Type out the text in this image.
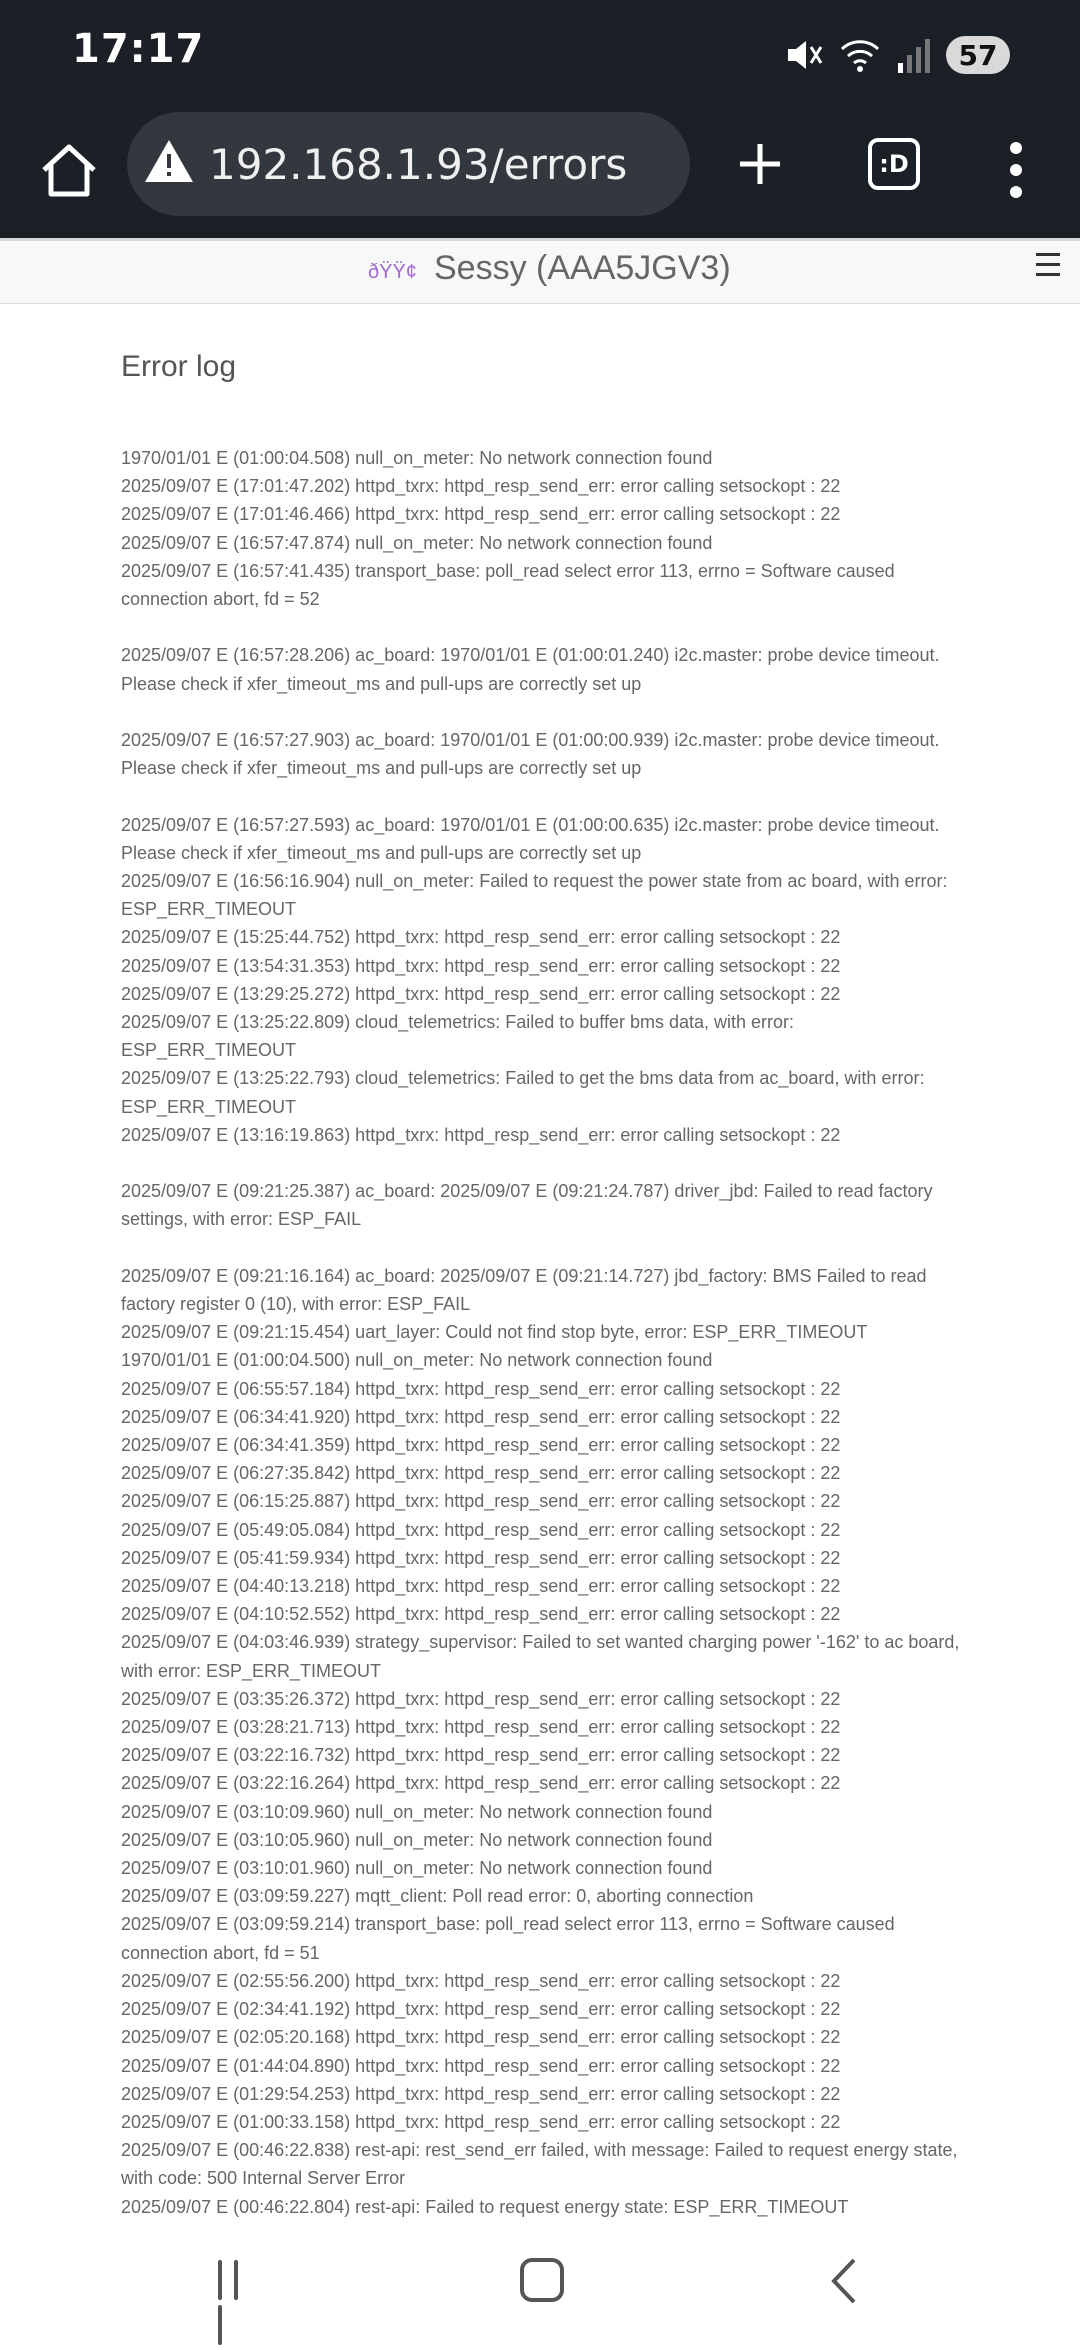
17:17	57
192.168.1.93/errors	:D
ðŸŸ¢ Sessy (AAA5JGV3)
Error log

1970/01/01 E (01:00:04.508) null_on_meter: No network connection found

2025/09/07 E (17:01:47.202) httpd_txrx: httpd_resp_send_err: error calling setsockopt : 22

2025/09/07 E (17:01:46.466) httpd_txrx: httpd_resp_send_err: error calling setsockopt : 22

2025/09/07 E (16:57:47.874) null_on_meter: No network connection found

2025/09/07 E (16:57:41.435) transport_base: poll_read select error 113, errno = Software caused connection abort, fd = 52

2025/09/07 E (16:57:28.206) ac_board: 1970/01/01 E (01:00:01.240) i2c.master: probe device timeout. Please check if xfer_timeout_ms and pull-ups are correctly set up

2025/09/07 E (16:57:27.903) ac_board: 1970/01/01 E (01:00:00.939) i2c.master: probe device timeout. Please check if xfer_timeout_ms and pull-ups are correctly set up

2025/09/07 E (16:57:27.593) ac_board: 1970/01/01 E (01:00:00.635) i2c.master: probe device timeout. Please check if xfer_timeout_ms and pull-ups are correctly set up

2025/09/07 E (16:56:16.904) null_on_meter: Failed to request the power state from ac board, with error: ESP_ERR_TIMEOUT

2025/09/07 E (15:25:44.752) httpd_txrx: httpd_resp_send_err: error calling setsockopt : 22

2025/09/07 E (13:54:31.353) httpd_txrx: httpd_resp_send_err: error calling setsockopt : 22

2025/09/07 E (13:29:25.272) httpd_txrx: httpd_resp_send_err: error calling setsockopt : 22

2025/09/07 E (13:25:22.809) cloud_telemetrics: Failed to buffer bms data, with error: ESP_ERR_TIMEOUT

2025/09/07 E (13:25:22.793) cloud_telemetrics: Failed to get the bms data from ac_board, with error: ESP_ERR_TIMEOUT

2025/09/07 E (13:16:19.863) httpd_txrx: httpd_resp_send_err: error calling setsockopt : 22

2025/09/07 E (09:21:25.387) ac_board: 2025/09/07 E (09:21:24.787) driver_jbd: Failed to read factory settings, with error: ESP_FAIL

2025/09/07 E (09:21:16.164) ac_board: 2025/09/07 E (09:21:14.727) jbd_factory: BMS Failed to read factory register 0 (10), with error: ESP_FAIL

2025/09/07 E (09:21:15.454) uart_layer: Could not find stop byte, error: ESP_ERR_TIMEOUT

1970/01/01 E (01:00:04.500) null_on_meter: No network connection found

2025/09/07 E (06:55:57.184) httpd_txrx: httpd_resp_send_err: error calling setsockopt : 22

2025/09/07 E (06:34:41.920) httpd_txrx: httpd_resp_send_err: error calling setsockopt : 22

2025/09/07 E (06:34:41.359) httpd_txrx: httpd_resp_send_err: error calling setsockopt : 22

2025/09/07 E (06:27:35.842) httpd_txrx: httpd_resp_send_err: error calling setsockopt : 22

2025/09/07 E (06:15:25.887) httpd_txrx: httpd_resp_send_err: error calling setsockopt : 22

2025/09/07 E (05:49:05.084) httpd_txrx: httpd_resp_send_err: error calling setsockopt : 22

2025/09/07 E (05:41:59.934) httpd_txrx: httpd_resp_send_err: error calling setsockopt : 22

2025/09/07 E (04:40:13.218) httpd_txrx: httpd_resp_send_err: error calling setsockopt : 22

2025/09/07 E (04:10:52.552) httpd_txrx: httpd_resp_send_err: error calling setsockopt : 22

2025/09/07 E (04:03:46.939) strategy_supervisor: Failed to set wanted charging power '-162' to ac board, with error: ESP_ERR_TIMEOUT

2025/09/07 E (03:35:26.372) httpd_txrx: httpd_resp_send_err: error calling setsockopt : 22

2025/09/07 E (03:28:21.713) httpd_txrx: httpd_resp_send_err: error calling setsockopt : 22

2025/09/07 E (03:22:16.732) httpd_txrx: httpd_resp_send_err: error calling setsockopt : 22

2025/09/07 E (03:22:16.264) httpd_txrx: httpd_resp_send_err: error calling setsockopt : 22

2025/09/07 E (03:10:09.960) null_on_meter: No network connection found

2025/09/07 E (03:10:05.960) null_on_meter: No network connection found

2025/09/07 E (03:10:01.960) null_on_meter: No network connection found

2025/09/07 E (03:09:59.227) mqtt_client: Poll read error: 0, aborting connection

2025/09/07 E (03:09:59.214) transport_base: poll_read select error 113, errno = Software caused connection abort, fd = 51

2025/09/07 E (02:55:56.200) httpd_txrx: httpd_resp_send_err: error calling setsockopt : 22

2025/09/07 E (02:34:41.192) httpd_txrx: httpd_resp_send_err: error calling setsockopt : 22

2025/09/07 E (02:05:20.168) httpd_txrx: httpd_resp_send_err: error calling setsockopt : 22

2025/09/07 E (01:44:04.890) httpd_txrx: httpd_resp_send_err: error calling setsockopt : 22

2025/09/07 E (01:29:54.253) httpd_txrx: httpd_resp_send_err: error calling setsockopt : 22

2025/09/07 E (01:00:33.158) httpd_txrx: httpd_resp_send_err: error calling setsockopt : 22

2025/09/07 E (00:46:22.838) rest-api: rest_send_err failed, with message: Failed to request energy state, with code: 500 Internal Server Error

2025/09/07 E (00:46:22.804) rest-api: Failed to request energy state: ESP_ERR_TIMEOUT
